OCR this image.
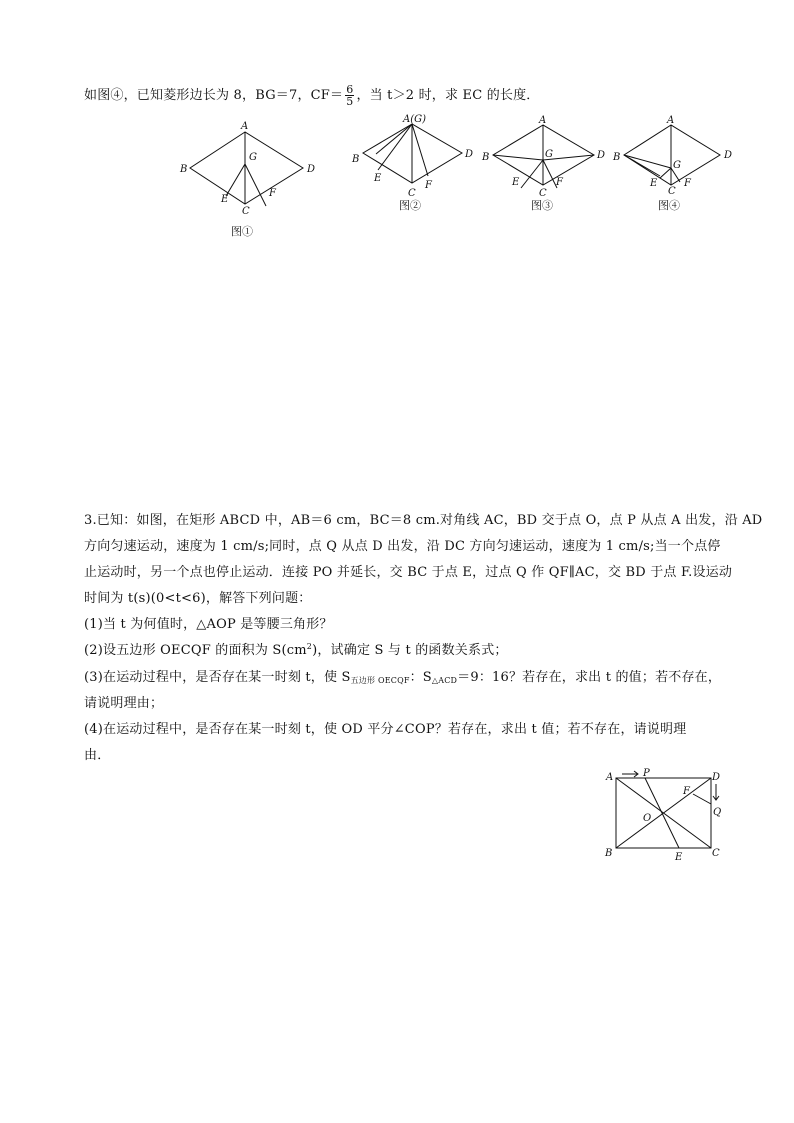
如图④，已知菱形边长为 8，BG＝7，$CF= \frac{6}{5}$ ，当 t＞2 时，求 EC 的长度．
A
B	D
G
E
F
C
图①
A(G)
B	D
E
F
C
图②
A
B	D
G
E	F
C
图③
A
B	D
G
E	F
C
图④
3.已知：如图，在矩形 ABCD 中，AB＝6 cm，BC＝8 cm.对角线 AC，BD 交于点 O，点 P 从点 A 出发，沿 AD
方向匀速运动，速度为 1 cm/s;同时，点 Q 从点 D 出发，沿 DC 方向匀速运动，速度为 1 cm/s;当一个点停
止运动时，另一个点也停止运动．连接 PO 并延长，交 BC 于点 E，过点 Q 作 QF∥AC，交 BD 于点 F.设运动
时间为 t(s)(0<t<6)，解答下列问题：
(1)当 t 为何值时，△AOP 是等腰三角形？
(2)设五边形 OECQF 的面积为 $S(cm^2)$，试确定 S 与 t 的函数关系式；
(3)在运动过程中，是否存在某一时刻 t，使 $S_{五边形 OECQF}$：$S_{\triangle ACD}=9$：16？若存在，求出 t 的值；若不存在，
请说明理由；
(4)在运动过程中，是否存在某一时刻 t，使 OD 平分∠COP？若存在，求出 t 值；若不存在，请说明理
由．
A	P	D
F
Q
O
B	E	C
